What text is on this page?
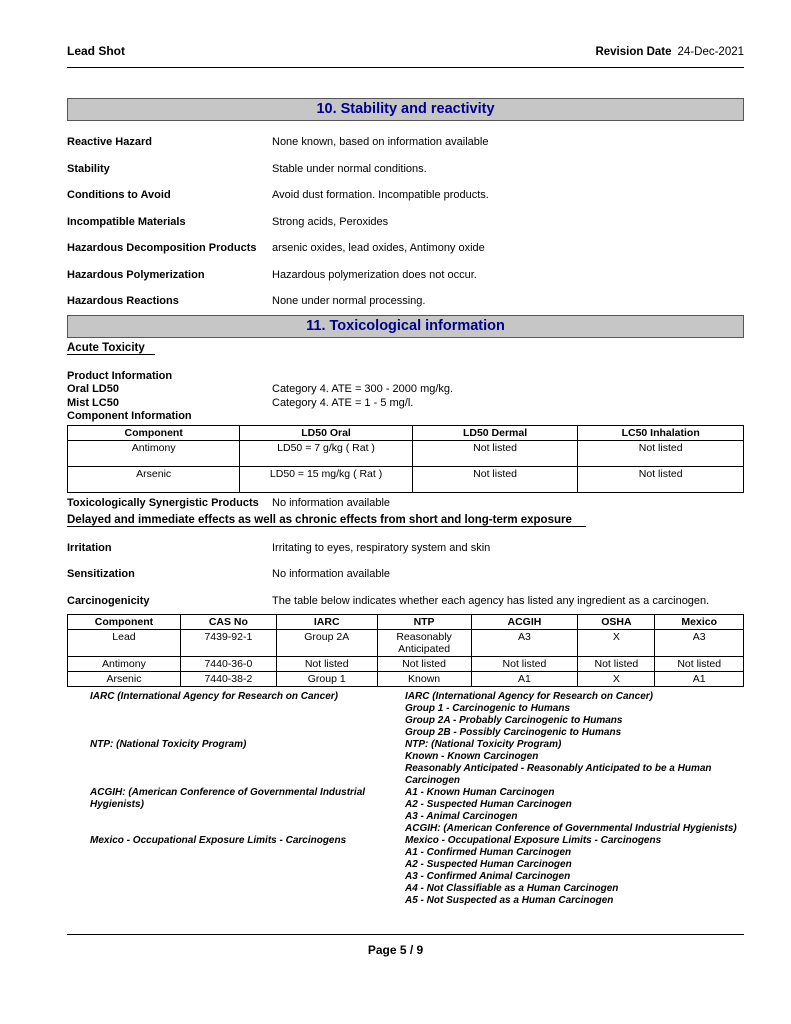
Lead Shot	Revision Date 24-Dec-2021
10. Stability and reactivity
Reactive Hazard	None known, based on information available
Stability	Stable under normal conditions.
Conditions to Avoid	Avoid dust formation. Incompatible products.
Incompatible Materials	Strong acids, Peroxides
Hazardous Decomposition Products	arsenic oxides, lead oxides, Antimony oxide
Hazardous Polymerization	Hazardous polymerization does not occur.
Hazardous Reactions	None under normal processing.
11. Toxicological information
Acute Toxicity
Product Information
Oral LD50	Category 4. ATE = 300 - 2000 mg/kg.
Mist LC50	Category 4. ATE = 1 - 5 mg/l.
Component Information
Component	LD50 Oral	LD50 Dermal	LC50 Inhalation
Antimony	LD50 = 7 g/kg ( Rat )	Not listed	Not listed
Arsenic	LD50 = 15 mg/kg ( Rat )	Not listed	Not listed
Toxicologically Synergistic Products	No information available
Delayed and immediate effects as well as chronic effects from short and long-term exposure
Irritation	Irritating to eyes, respiratory system and skin
Sensitization	No information available
Carcinogenicity	The table below indicates whether each agency has listed any ingredient as a carcinogen.
Component	CAS No	IARC	NTP	ACGIH	OSHA	Mexico
Lead	7439-92-1	Group 2A	Reasonably Anticipated	A3	X	A3
Antimony	7440-36-0	Not listed	Not listed	Not listed	Not listed	Not listed
Arsenic	7440-38-2	Group 1	Known	A1	X	A1
IARC (International Agency for Research on Cancer)	IARC (International Agency for Research on Cancer)
Group 1 - Carcinogenic to Humans
Group 2A - Probably Carcinogenic to Humans
Group 2B - Possibly Carcinogenic to Humans
NTP: (National Toxicity Program)	NTP: (National Toxicity Program)
Known - Known Carcinogen
Reasonably Anticipated - Reasonably Anticipated to be a Human Carcinogen
ACGIH: (American Conference of Governmental Industrial Hygienists)
A1 - Known Human Carcinogen
A2 - Suspected Human Carcinogen
A3 - Animal Carcinogen
ACGIH: (American Conference of Governmental Industrial Hygienists)
Mexico - Occupational Exposure Limits - Carcinogens	Mexico - Occupational Exposure Limits - Carcinogens
A1 - Confirmed Human Carcinogen
A2 - Suspected Human Carcinogen
A3 - Confirmed Animal Carcinogen
A4 - Not Classifiable as a Human Carcinogen
A5 - Not Suspected as a Human Carcinogen
Page 5 / 9
